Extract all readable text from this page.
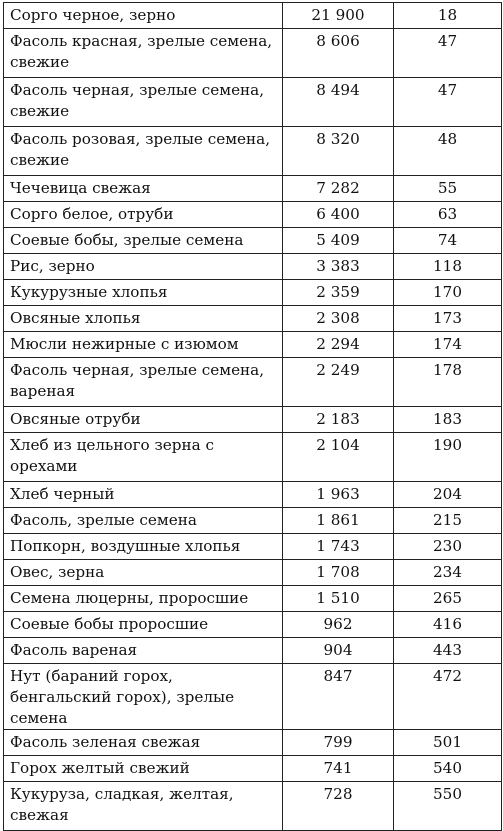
Сорго черное, зерно	21 900	18
Фасоль красная, зрелые семена, свежие	8 606	47
Фасоль черная, зрелые семена, свежие	8 494	47
Фасоль розовая, зрелые семена, свежие	8 320	48
Чечевица свежая	7 282	55
Сорго белое, отруби	6 400	63
Соевые бобы, зрелые семена	5 409	74
Рис, зерно	3 383	118
Кукурузные хлопья	2 359	170
Овсяные хлопья	2 308	173
Мюсли нежирные с изюмом	2 294	174
Фасоль черная, зрелые семена, вареная	2 249	178
Овсяные отруби	2 183	183
Хлеб из цельного зерна с орехами	2 104	190
Хлеб черный	1 963	204
Фасоль, зрелые семена	1 861	215
Попкорн, воздушные хлопья	1 743	230
Овес, зерна	1 708	234
Семена люцерны, проросшие	1 510	265
Соевые бобы проросшие	962	416
Фасоль вареная	904	443
Нут (бараний горох, бенгальский горох), зрелые семена	847	472
Фасоль зеленая свежая	799	501
Горох желтый свежий	741	540
Кукуруза, сладкая, желтая, свежая	728	550
